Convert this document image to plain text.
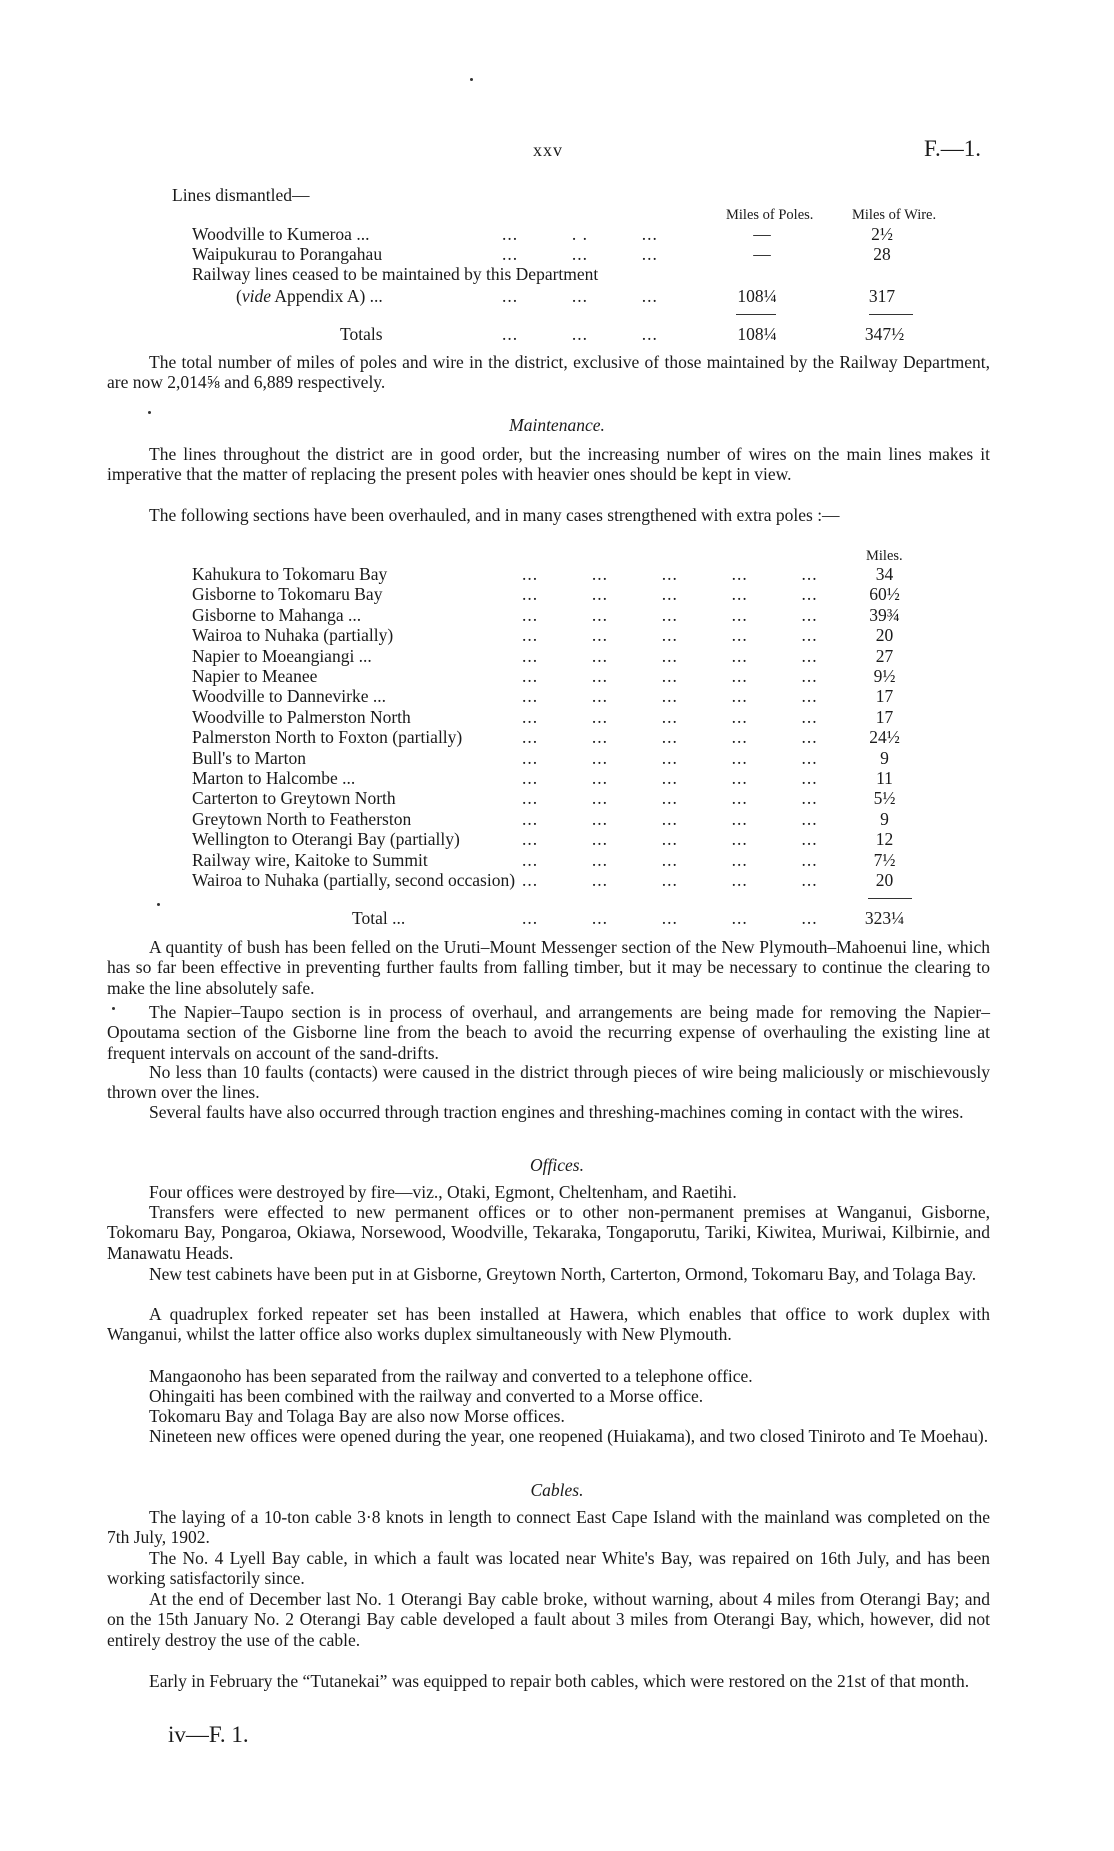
xxv	F.—1.
Lines dismantled—
Miles of Poles.	Miles of Wire.
Woodville to Kumeroa ...	...          . .          ...	—	2½
Waipukurau to Porangahau	...          ...          ...	—	28
Railway lines ceased to be maintained by this Department
(vide Appendix A) ...	...          ...          ...	108¼	317
Totals	...          ...          ...	108¼	347½

The total number of miles of poles and wire in the district, exclusive of those maintained by the Railway Department, are now 2,014⅝ and 6,889 respectively.

Maintenance.

The lines throughout the district are in good order, but the increasing number of wires on the main lines makes it imperative that the matter of replacing the present poles with heavier ones should be kept in view.

The following sections have been overhauled, and in many cases strengthened with extra poles :—

Miles.
Kahukura to Tokomaru Bay	...          ...          ...          ...          ...	34
Gisborne to Tokomaru Bay	...          ...          ...          ...          ...	60½
Gisborne to Mahanga ...	...          ...          ...          ...          ...	39¾
Wairoa to Nuhaka (partially)	...          ...          ...          ...          ...	20
Napier to Moeangiangi ...	...          ...          ...          ...          ...	27
Napier to Meanee	...          ...          ...          ...          ...	9½
Woodville to Dannevirke ...	...          ...          ...          ...          ...	17
Woodville to Palmerston North	...          ...          ...          ...          ...	17
Palmerston North to Foxton (partially)	...          ...          ...          ...          ...	24½
Bull's to Marton	...          ...          ...          ...          ...	9
Marton to Halcombe ...	...          ...          ...          ...          ...	11
Carterton to Greytown North	...          ...          ...          ...          ...	5½
Greytown North to Featherston	...          ...          ...          ...          ...	9
Wellington to Oterangi Bay (partially)	...          ...          ...          ...          ...	12
Railway wire, Kaitoke to Summit	...          ...          ...          ...          ...	7½
Wairoa to Nuhaka (partially, second occasion) ...          ...          ...          ...          ...	20
Total ...	...          ...          ...          ...          ...	323¼

A quantity of bush has been felled on the Uruti–Mount Messenger section of the New Plymouth–Mahoenui line, which has so far been effective in preventing further faults from falling timber, but it may be necessary to continue the clearing to make the line absolutely safe.

The Napier–Taupo section is in process of overhaul, and arrangements are being made for removing the Napier–Opoutama section of the Gisborne line from the beach to avoid the recurring expense of overhauling the existing line at frequent intervals on account of the sand-drifts.

No less than 10 faults (contacts) were caused in the district through pieces of wire being maliciously or mischievously thrown over the lines.

Several faults have also occurred through traction engines and threshing-machines coming in contact with the wires.

Offices.

Four offices were destroyed by fire—viz., Otaki, Egmont, Cheltenham, and Raetihi.

Transfers were effected to new permanent offices or to other non-permanent premises at Wanganui, Gisborne, Tokomaru Bay, Pongaroa, Okiawa, Norsewood, Woodville, Tekaraka, Tongaporutu, Tariki, Kiwitea, Muriwai, Kilbirnie, and Manawatu Heads.

New test cabinets have been put in at Gisborne, Greytown North, Carterton, Ormond, Tokomaru Bay, and Tolaga Bay.

A quadruplex forked repeater set has been installed at Hawera, which enables that office to work duplex with Wanganui, whilst the latter office also works duplex simultaneously with New Plymouth.

Mangaonoho has been separated from the railway and converted to a telephone office.

Ohingaiti has been combined with the railway and converted to a Morse office.

Tokomaru Bay and Tolaga Bay are also now Morse offices.

Nineteen new offices were opened during the year, one reopened (Huiakama), and two closed Tiniroto and Te Moehau).

Cables.

The laying of a 10-ton cable 3·8 knots in length to connect East Cape Island with the mainland was completed on the 7th July, 1902.

The No. 4 Lyell Bay cable, in which a fault was located near White's Bay, was repaired on 16th July, and has been working satisfactorily since.

At the end of December last No. 1 Oterangi Bay cable broke, without warning, about 4 miles from Oterangi Bay; and on the 15th January No. 2 Oterangi Bay cable developed a fault about 3 miles from Oterangi Bay, which, however, did not entirely destroy the use of the cable.

Early in February the “Tutanekai” was equipped to repair both cables, which were restored on the 21st of that month.

iv—F. 1.
